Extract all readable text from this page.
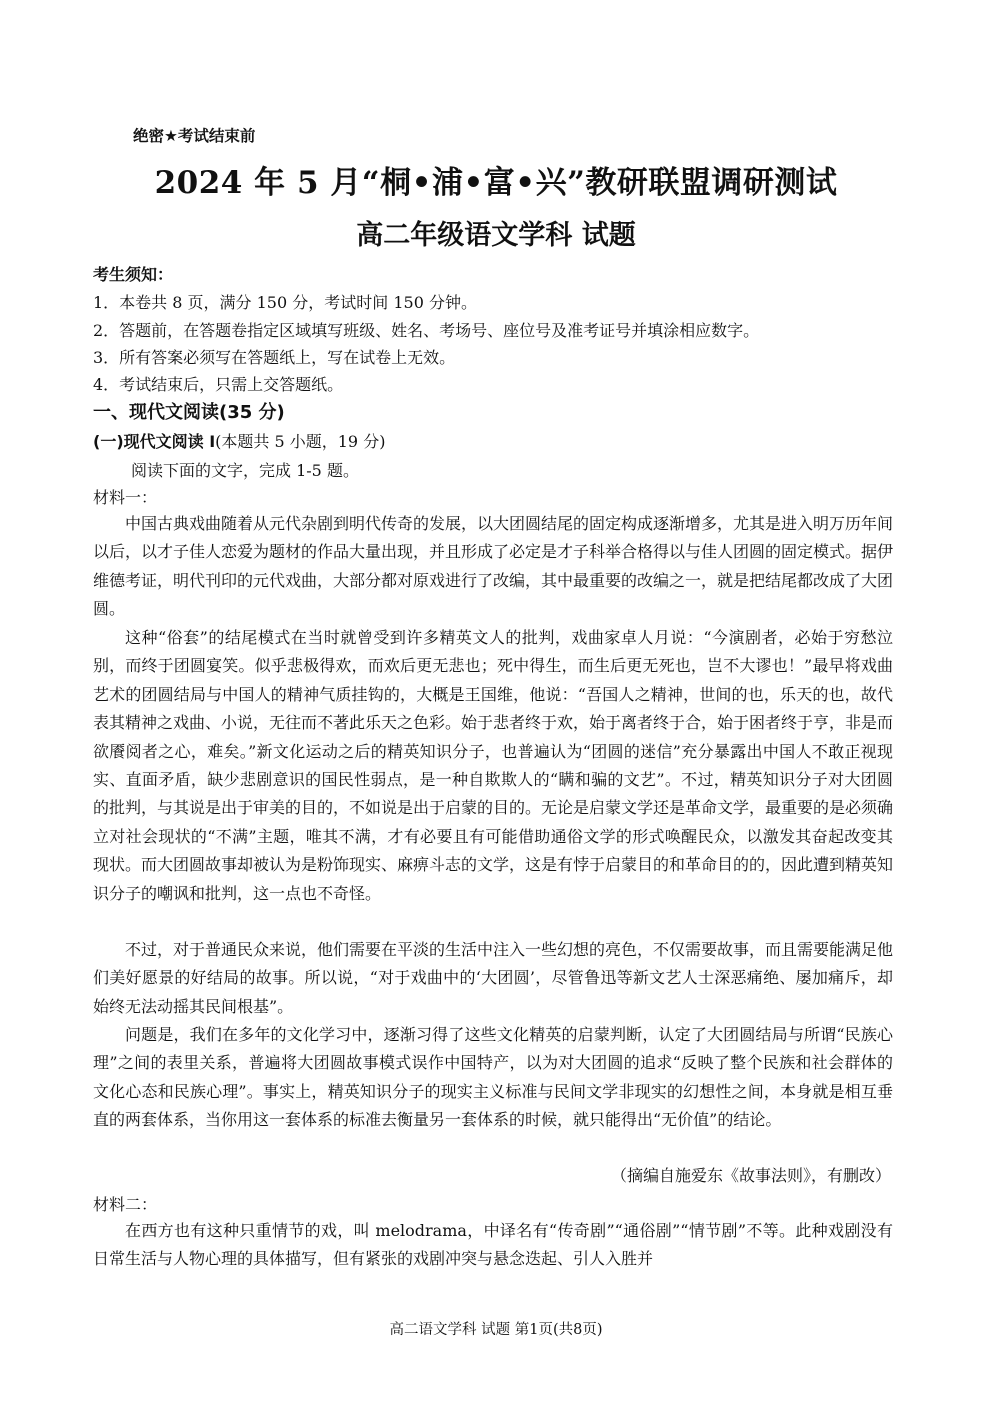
绝密★考试结束前
2024 年 5 月“桐•浦•富•兴”教研联盟调研测试
高二年级语文学科 试题
考生须知：
1．本卷共 8 页，满分 150 分，考试时间 150 分钟。
2．答题前，在答题卷指定区域填写班级、姓名、考场号、座位号及准考证号并填涂相应数字。
3．所有答案必须写在答题纸上，写在试卷上无效。
4．考试结束后，只需上交答题纸。
一、现代文阅读(35 分)
(一)现代文阅读 I(本题共 5 小题，19 分)
阅读下面的文字，完成 1-5 题。
材料一：

中国古典戏曲随着从元代杂剧到明代传奇的发展，以大团圆结尾的固定构成逐渐增多，尤其是进入明万历年间以后，以才子佳人恋爱为题材的作品大量出现，并且形成了必定是才子科举合格得以与佳人团圆的固定模式。据伊维德考证，明代刊印的元代戏曲，大部分都对原戏进行了改编，其中最重要的改编之一，就是把结尾都改成了大团圆。

这种“俗套”的结尾模式在当时就曾受到许多精英文人的批判，戏曲家卓人月说：“今演剧者，必始于穷愁泣别，而终于团圆宴笑。似乎悲极得欢，而欢后更无悲也；死中得生，而生后更无死也，岂不大谬也！”最早将戏曲艺术的团圆结局与中国人的精神气质挂钩的，大概是王国维，他说：“吾国人之精神，世间的也，乐天的也，故代表其精神之戏曲、小说，无往而不著此乐天之色彩。始于悲者终于欢，始于离者终于合，始于困者终于亨，非是而欲餍阅者之心，难矣。”新文化运动之后的精英知识分子，也普遍认为“团圆的迷信”充分暴露出中国人不敢正视现实、直面矛盾，缺少悲剧意识的国民性弱点，是一种自欺欺人的“瞒和骗的文艺”。不过，精英知识分子对大团圆的批判，与其说是出于审美的目的，不如说是出于启蒙的目的。无论是启蒙文学还是革命文学，最重要的是必须确立对社会现状的“不满”主题，唯其不满，才有必要且有可能借助通俗文学的形式唤醒民众，以激发其奋起改变其现状。而大团圆故事却被认为是粉饰现实、麻痹斗志的文学，这是有悖于启蒙目的和革命目的的，因此遭到精英知识分子的嘲讽和批判，这一点也不奇怪。

不过，对于普通民众来说，他们需要在平淡的生活中注入一些幻想的亮色，不仅需要故事，而且需要能满足他们美好愿景的好结局的故事。所以说，“对于戏曲中的‘大团圆’，尽管鲁迅等新文艺人士深恶痛绝、屡加痛斥，却始终无法动摇其民间根基”。

问题是，我们在多年的文化学习中，逐渐习得了这些文化精英的启蒙判断，认定了大团圆结局与所谓“民族心理”之间的表里关系，普遍将大团圆故事模式误作中国特产，以为对大团圆的追求“反映了整个民族和社会群体的文化心态和民族心理”。事实上，精英知识分子的现实主义标准与民间文学非现实的幻想性之间，本身就是相互垂直的两套体系，当你用这一套体系的标准去衡量另一套体系的时候，就只能得出“无价值”的结论。

（摘编自施爱东《故事法则》，有删改）
材料二：

在西方也有这种只重情节的戏，叫 melodrama，中译名有“传奇剧”“通俗剧”“情节剧”不等。此种戏剧没有日常生活与人物心理的具体描写，但有紧张的戏剧冲突与悬念迭起、引人入胜并

高二语文学科 试题 第1页(共8页)
